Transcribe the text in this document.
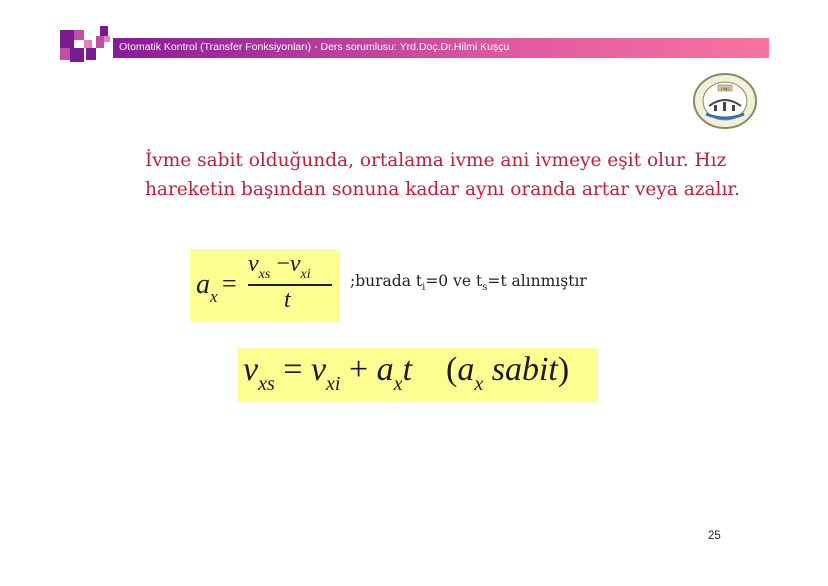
Otomatik Kontrol (Transfer Fonksiyonları) - Ders sorumlusu: Yrd.Doç.Dr.Hilmi Kuşçu
1982
İvme sabit olduğunda, ortalama ivme ani ivmeye eşit olur. Hız hareketin başından sonuna kadar aynı oranda artar veya azalır.
$a_x$ =
$v_{xs} -v_{xi}$
t
;burada $t_i=0$ ve $t_s=t$ alınmıştır
$v_{xs} = v_{xi} + a_xt$    ($a_x$ sabit)
25
